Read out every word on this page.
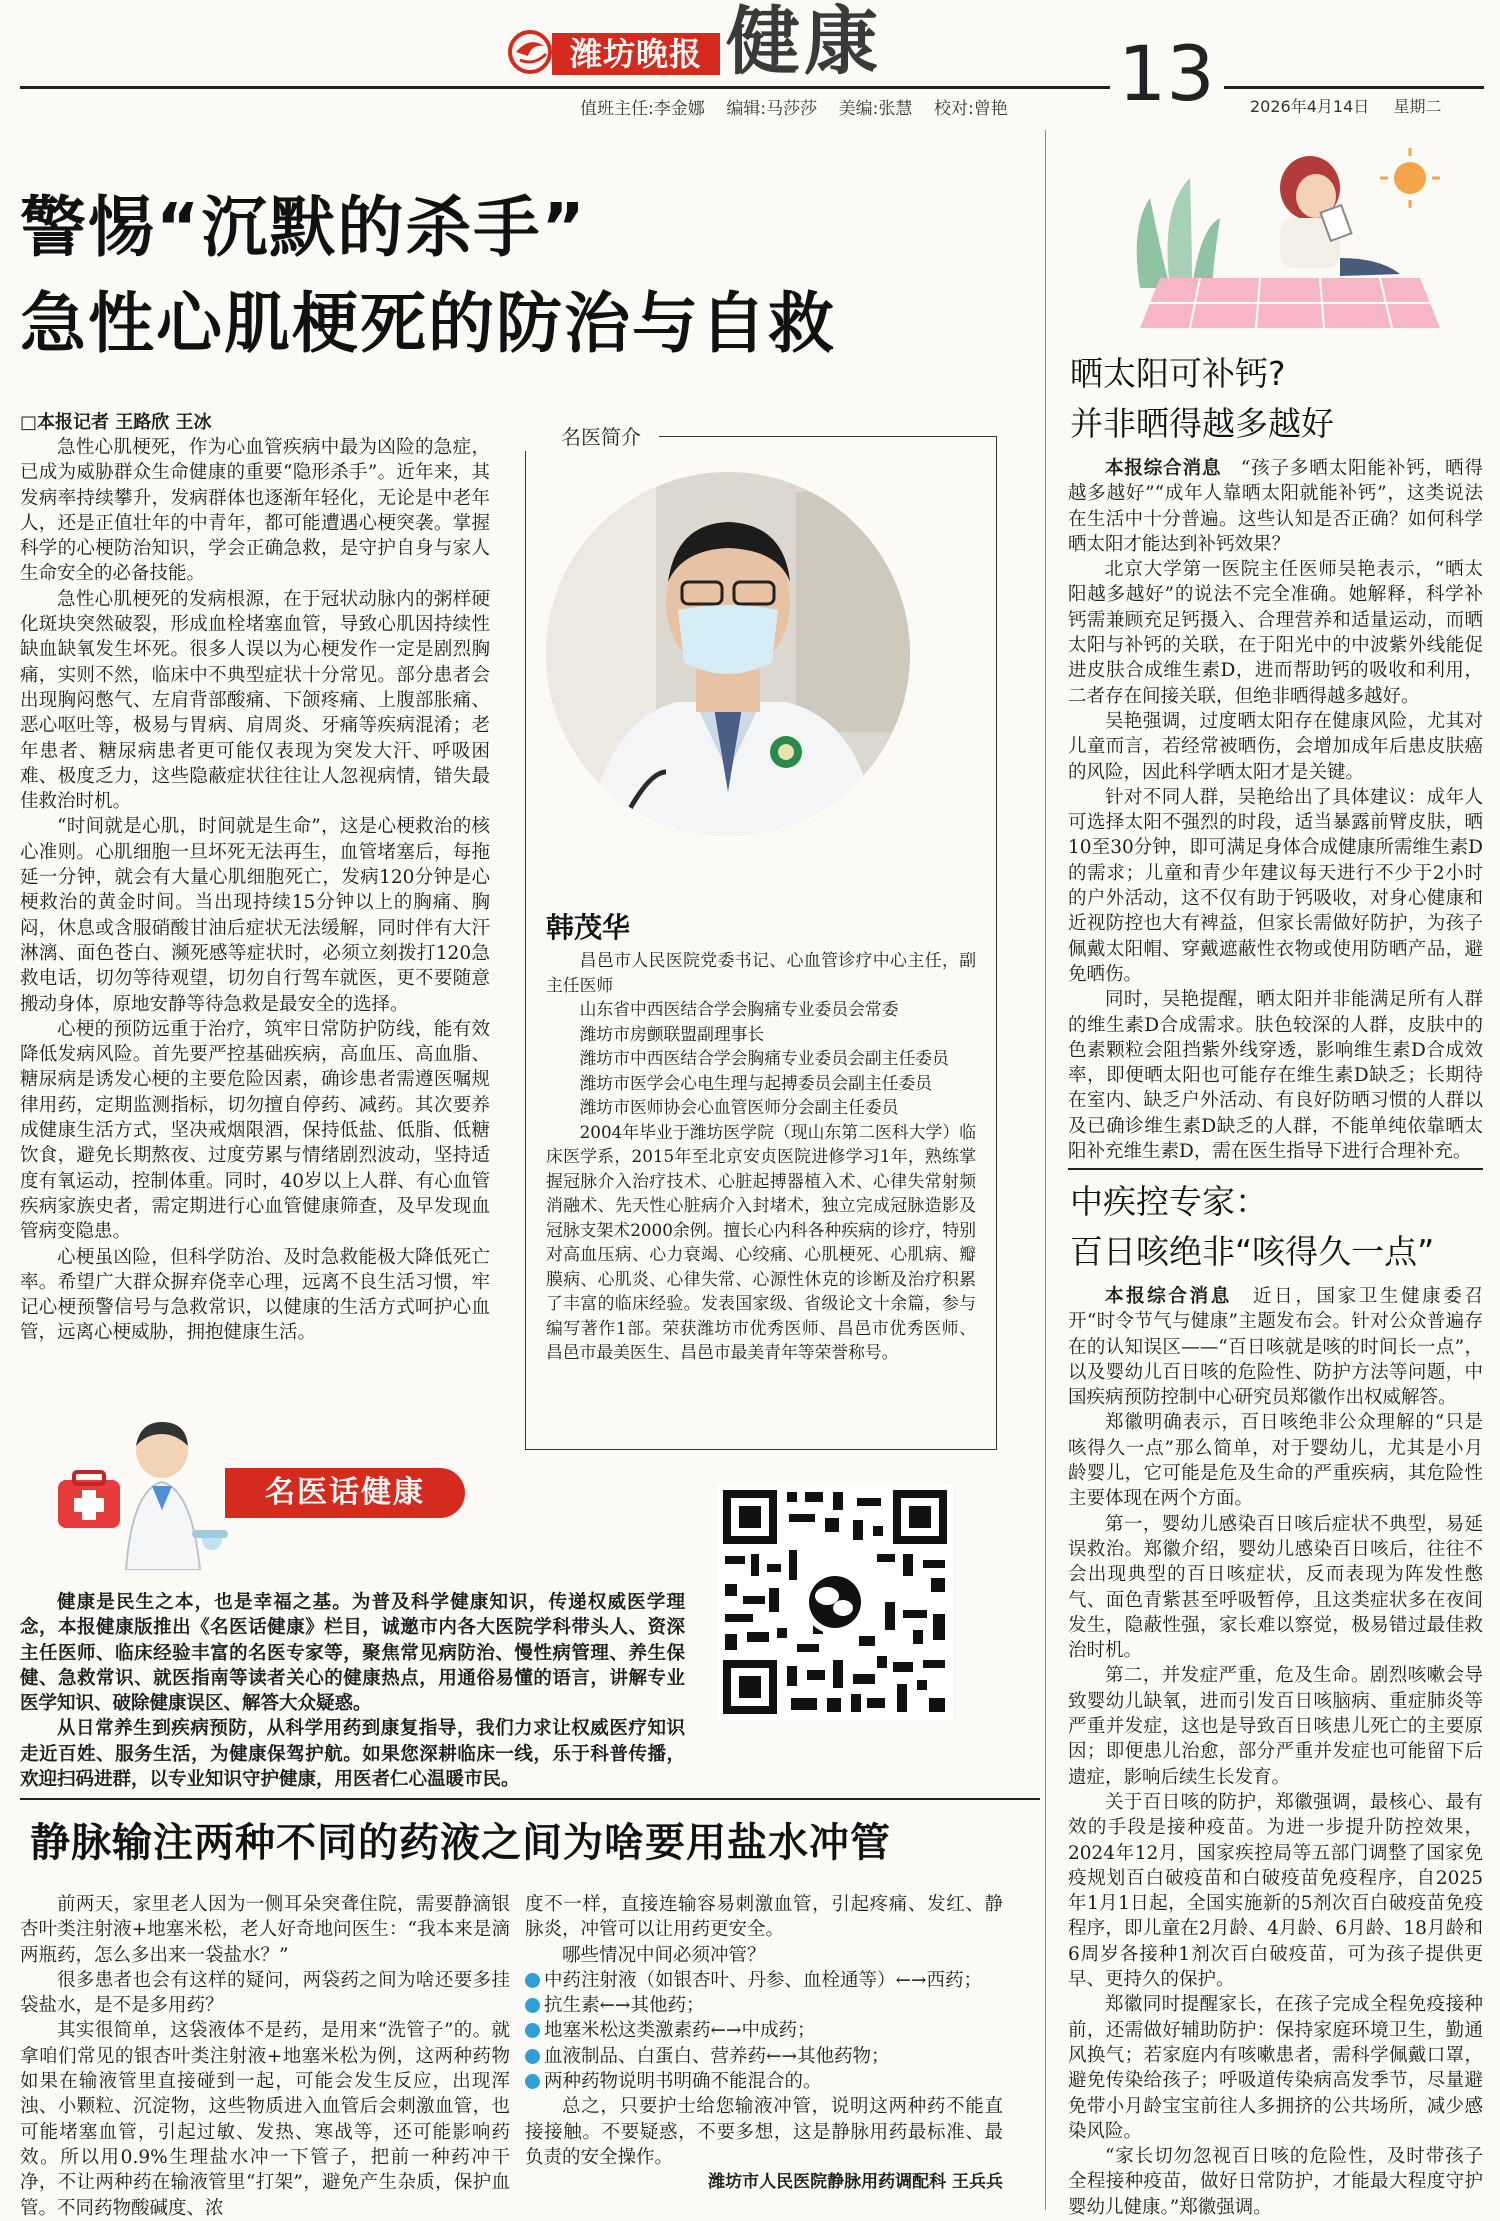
潍坊晚报 健康
值班主任:李金娜    编辑:马莎莎    美编:张慧    校对:曾艳 13 2026年4月14日 星期二
警惕“沉默的杀手”
急性心肌梗死的防治与自救
□本报记者 王路欣 王冰

急性心肌梗死，作为心血管疾病中最为凶险的急症，已成为威胁群众生命健康的重要“隐形杀手”。近年来，其发病率持续攀升，发病群体也逐渐年轻化，无论是中老年人，还是正值壮年的中青年，都可能遭遇心梗突袭。掌握科学的心梗防治知识，学会正确急救，是守护自身与家人生命安全的必备技能。

急性心肌梗死的发病根源，在于冠状动脉内的粥样硬化斑块突然破裂，形成血栓堵塞血管，导致心肌因持续性缺血缺氧发生坏死。很多人误以为心梗发作一定是剧烈胸痛，实则不然，临床中不典型症状十分常见。部分患者会出现胸闷憋气、左肩背部酸痛、下颌疼痛、上腹部胀痛、恶心呕吐等，极易与胃病、肩周炎、牙痛等疾病混淆；老年患者、糖尿病患者更可能仅表现为突发大汗、呼吸困难、极度乏力，这些隐蔽症状往往让人忽视病情，错失最佳救治时机。

“时间就是心肌，时间就是生命”，这是心梗救治的核心准则。心肌细胞一旦坏死无法再生，血管堵塞后，每拖延一分钟，就会有大量心肌细胞死亡，发病120分钟是心梗救治的黄金时间。当出现持续15分钟以上的胸痛、胸闷，休息或含服硝酸甘油后症状无法缓解，同时伴有大汗淋漓、面色苍白、濒死感等症状时，必须立刻拨打120急救电话，切勿等待观望，切勿自行驾车就医，更不要随意搬动身体，原地安静等待急救是最安全的选择。

心梗的预防远重于治疗，筑牢日常防护防线，能有效降低发病风险。首先要严控基础疾病，高血压、高血脂、糖尿病是诱发心梗的主要危险因素，确诊患者需遵医嘱规律用药，定期监测指标，切勿擅自停药、减药。其次要养成健康生活方式，坚决戒烟限酒，保持低盐、低脂、低糖饮食，避免长期熬夜、过度劳累与情绪剧烈波动，坚持适度有氧运动，控制体重。同时，40岁以上人群、有心血管疾病家族史者，需定期进行心血管健康筛查，及早发现血管病变隐患。

心梗虽凶险，但科学防治、及时急救能极大降低死亡率。希望广大群众摒弃侥幸心理，远离不良生活习惯，牢记心梗预警信号与急救常识，以健康的生活方式呵护心血管，远离心梗威胁，拥抱健康生活。

名医简介
韩茂华

昌邑市人民医院党委书记、心血管诊疗中心主任，副主任医师

山东省中西医结合学会胸痛专业委员会常委

潍坊市房颤联盟副理事长

潍坊市中西医结合学会胸痛专业委员会副主任委员

潍坊市医学会心电生理与起搏委员会副主任委员

潍坊市医师协会心血管医师分会副主任委员

2004年毕业于潍坊医学院（现山东第二医科大学）临床医学系，2015年至北京安贞医院进修学习1年，熟练掌握冠脉介入治疗技术、心脏起搏器植入术、心律失常射频消融术、先天性心脏病介入封堵术，独立完成冠脉造影及冠脉支架术2000余例。擅长心内科各种疾病的诊疗，特别对高血压病、心力衰竭、心绞痛、心肌梗死、心肌病、瓣膜病、心肌炎、心律失常、心源性休克的诊断及治疗积累了丰富的临床经验。发表国家级、省级论文十余篇，参与编写著作1部。荣获潍坊市优秀医师、昌邑市优秀医师、昌邑市最美医生、昌邑市最美青年等荣誉称号。

名医话健康

健康是民生之本，也是幸福之基。为普及科学健康知识，传递权威医学理念，本报健康版推出《名医话健康》栏目，诚邀市内各大医院学科带头人、资深主任医师、临床经验丰富的名医专家等，聚焦常见病防治、慢性病管理、养生保健、急救常识、就医指南等读者关心的健康热点，用通俗易懂的语言，讲解专业医学知识、破除健康误区、解答大众疑惑。

从日常养生到疾病预防，从科学用药到康复指导，我们力求让权威医疗知识走近百姓、服务生活，为健康保驾护航。如果您深耕临床一线，乐于科普传播，欢迎扫码进群，以专业知识守护健康，用医者仁心温暖市民。

静脉输注两种不同的药液之间为啥要用盐水冲管

前两天，家里老人因为一侧耳朵突聋住院，需要静滴银杏叶类注射液+地塞米松，老人好奇地问医生：“我本来是滴两瓶药，怎么多出来一袋盐水？”

很多患者也会有这样的疑问，两袋药之间为啥还要多挂袋盐水，是不是多用药？

其实很简单，这袋液体不是药，是用来“洗管子”的。就拿咱们常见的银杏叶类注射液+地塞米松为例，这两种药物如果在输液管里直接碰到一起，可能会发生反应，出现浑浊、小颗粒、沉淀物，这些物质进入血管后会刺激血管，也可能堵塞血管，引起过敏、发热、寒战等，还可能影响药效。所以用0.9%生理盐水冲一下管子，把前一种药冲干净，不让两种药在输液管里“打架”，避免产生杂质，保护血管。不同药物酸碱度、浓

度不一样，直接连输容易刺激血管，引起疼痛、发红、静脉炎，冲管可以让用药更安全。

哪些情况中间必须冲管？

中药注射液（如银杏叶、丹参、血栓通等）←→西药；
抗生素←→其他药；
地塞米松这类激素药←→中成药；
血液制品、白蛋白、营养药←→其他药物；
两种药物说明书明确不能混合的。

总之，只要护士给您输液冲管，说明这两种药不能直接接触。不要疑惑，不要多想，这是静脉用药最标准、最负责的安全操作。

潍坊市人民医院静脉用药调配科 王兵兵
晒太阳可补钙?
并非晒得越多越好

本报综合消息　 “孩子多晒太阳能补钙，晒得越多越好”“成年人靠晒太阳就能补钙”，这类说法在生活中十分普遍。这些认知是否正确？如何科学晒太阳才能达到补钙效果？

北京大学第一医院主任医师吴艳表示，“晒太阳越多越好”的说法不完全准确。她解释，科学补钙需兼顾充足钙摄入、合理营养和适量运动，而晒太阳与补钙的关联，在于阳光中的中波紫外线能促进皮肤合成维生素D，进而帮助钙的吸收和利用，二者存在间接关联，但绝非晒得越多越好。

吴艳强调，过度晒太阳存在健康风险，尤其对儿童而言，若经常被晒伤，会增加成年后患皮肤癌的风险，因此科学晒太阳才是关键。

针对不同人群，吴艳给出了具体建议：成年人可选择太阳不强烈的时段，适当暴露前臂皮肤，晒10至30分钟，即可满足身体合成健康所需维生素D的需求；儿童和青少年建议每天进行不少于2小时的户外活动，这不仅有助于钙吸收，对身心健康和近视防控也大有裨益，但家长需做好防护，为孩子佩戴太阳帽、穿戴遮蔽性衣物或使用防晒产品，避免晒伤。

同时，吴艳提醒，晒太阳并非能满足所有人群的维生素D合成需求。肤色较深的人群，皮肤中的色素颗粒会阻挡紫外线穿透，影响维生素D合成效率，即便晒太阳也可能存在维生素D缺乏；长期待在室内、缺乏户外活动、有良好防晒习惯的人群以及已确诊维生素D缺乏的人群，不能单纯依靠晒太阳补充维生素D，需在医生指导下进行合理补充。

中疾控专家：
百日咳绝非“咳得久一点”

本报综合消息　 近日，国家卫生健康委召开“时令节气与健康”主题发布会。针对公众普遍存在的认知误区——“百日咳就是咳的时间长一点”，以及婴幼儿百日咳的危险性、防护方法等问题，中国疾病预防控制中心研究员郑徽作出权威解答。

郑徽明确表示，百日咳绝非公众理解的“只是咳得久一点”那么简单，对于婴幼儿，尤其是小月龄婴儿，它可能是危及生命的严重疾病，其危险性主要体现在两个方面。

第一，婴幼儿感染百日咳后症状不典型，易延误救治。郑徽介绍，婴幼儿感染百日咳后，往往不会出现典型的百日咳症状，反而表现为阵发性憋气、面色青紫甚至呼吸暂停，且这类症状多在夜间发生，隐蔽性强，家长难以察觉，极易错过最佳救治时机。

第二，并发症严重，危及生命。剧烈咳嗽会导致婴幼儿缺氧，进而引发百日咳脑病、重症肺炎等严重并发症，这也是导致百日咳患儿死亡的主要原因；即便患儿治愈，部分严重并发症也可能留下后遗症，影响后续生长发育。

关于百日咳的防护，郑徽强调，最核心、最有效的手段是接种疫苗。为进一步提升防控效果，2024年12月，国家疾控局等五部门调整了国家免疫规划百白破疫苗和白破疫苗免疫程序，自2025年1月1日起，全国实施新的5剂次百白破疫苗免疫程序，即儿童在2月龄、4月龄、6月龄、18月龄和6周岁各接种1剂次百白破疫苗，可为孩子提供更早、更持久的保护。

郑徽同时提醒家长，在孩子完成全程免疫接种前，还需做好辅助防护：保持家庭环境卫生，勤通风换气；若家庭内有咳嗽患者，需科学佩戴口罩，避免传染给孩子；呼吸道传染病高发季节，尽量避免带小月龄宝宝前往人多拥挤的公共场所，减少感染风险。

“家长切勿忽视百日咳的危险性，及时带孩子全程接种疫苗，做好日常防护，才能最大程度守护婴幼儿健康。”郑徽强调。
